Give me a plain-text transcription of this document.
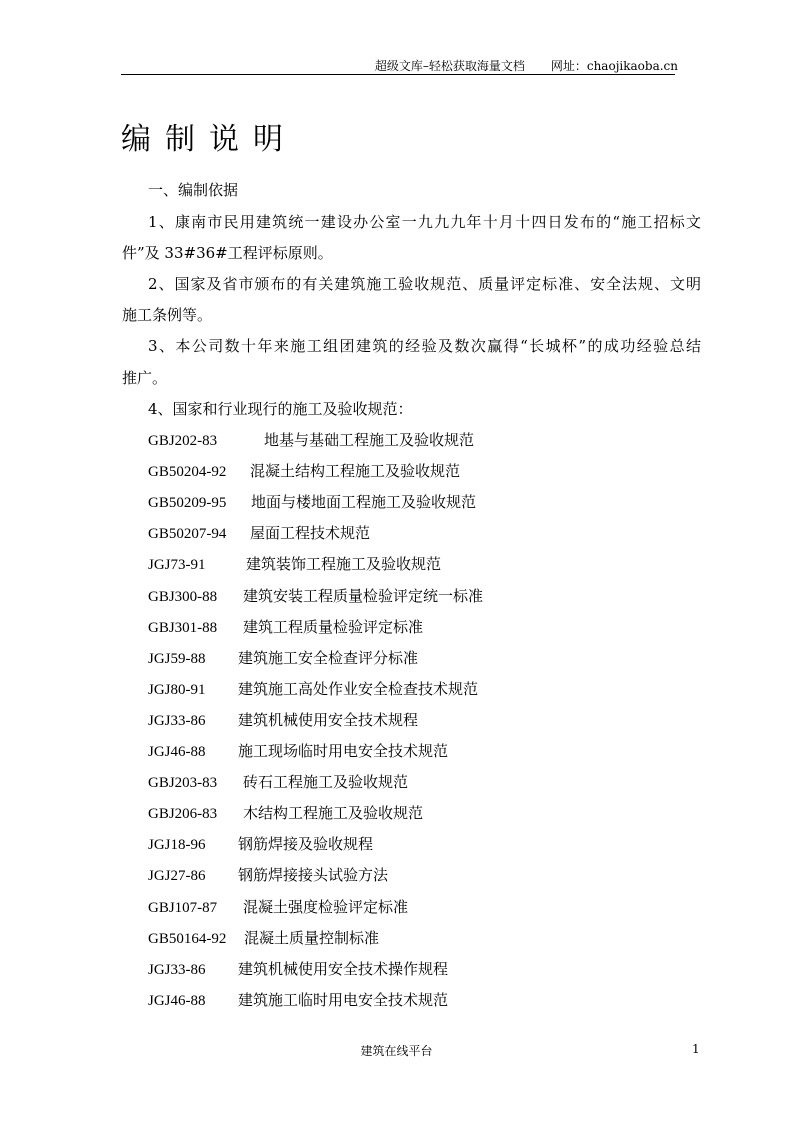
超级文库–轻松获取海量文档 网址：chaojikaoba.cn
编制说明
一、编制依据
1、康南市民用建筑统一建设办公室一九九九年十月十四日发布的“施工招标文
件”及 33#36#工程评标原则。
2、国家及省市颁布的有关建筑施工验收规范、质量评定标准、安全法规、文明
施工条例等。
3、本公司数十年来施工组团建筑的经验及数次赢得“长城杯”的成功经验总结
推广。
4、国家和行业现行的施工及验收规范：
GBJ202-83	地基与基础工程施工及验收规范
GB50204-92 混凝土结构工程施工及验收规范
GB50209-95 地面与楼地面工程施工及验收规范
GB50207-94 屋面工程技术规范
JGJ73-91	建筑装饰工程施工及验收规范
GBJ300-88 建筑安装工程质量检验评定统一标准
GBJ301-88 建筑工程质量检验评定标准
JGJ59-88 建筑施工安全检查评分标准
JGJ80-91 建筑施工高处作业安全检查技术规范
JGJ33-86 建筑机械使用安全技术规程
JGJ46-88 施工现场临时用电安全技术规范
GBJ203-83 砖石工程施工及验收规范
GBJ206-83 木结构工程施工及验收规范
JGJ18-96 钢筋焊接及验收规程
JGJ27-86 钢筋焊接接头试验方法
GBJ107-87 混凝土强度检验评定标准
GB50164-92 混凝土质量控制标准
JGJ33-86 建筑机械使用安全技术操作规程
JGJ46-88 建筑施工临时用电安全技术规范
建筑在线平台	1
